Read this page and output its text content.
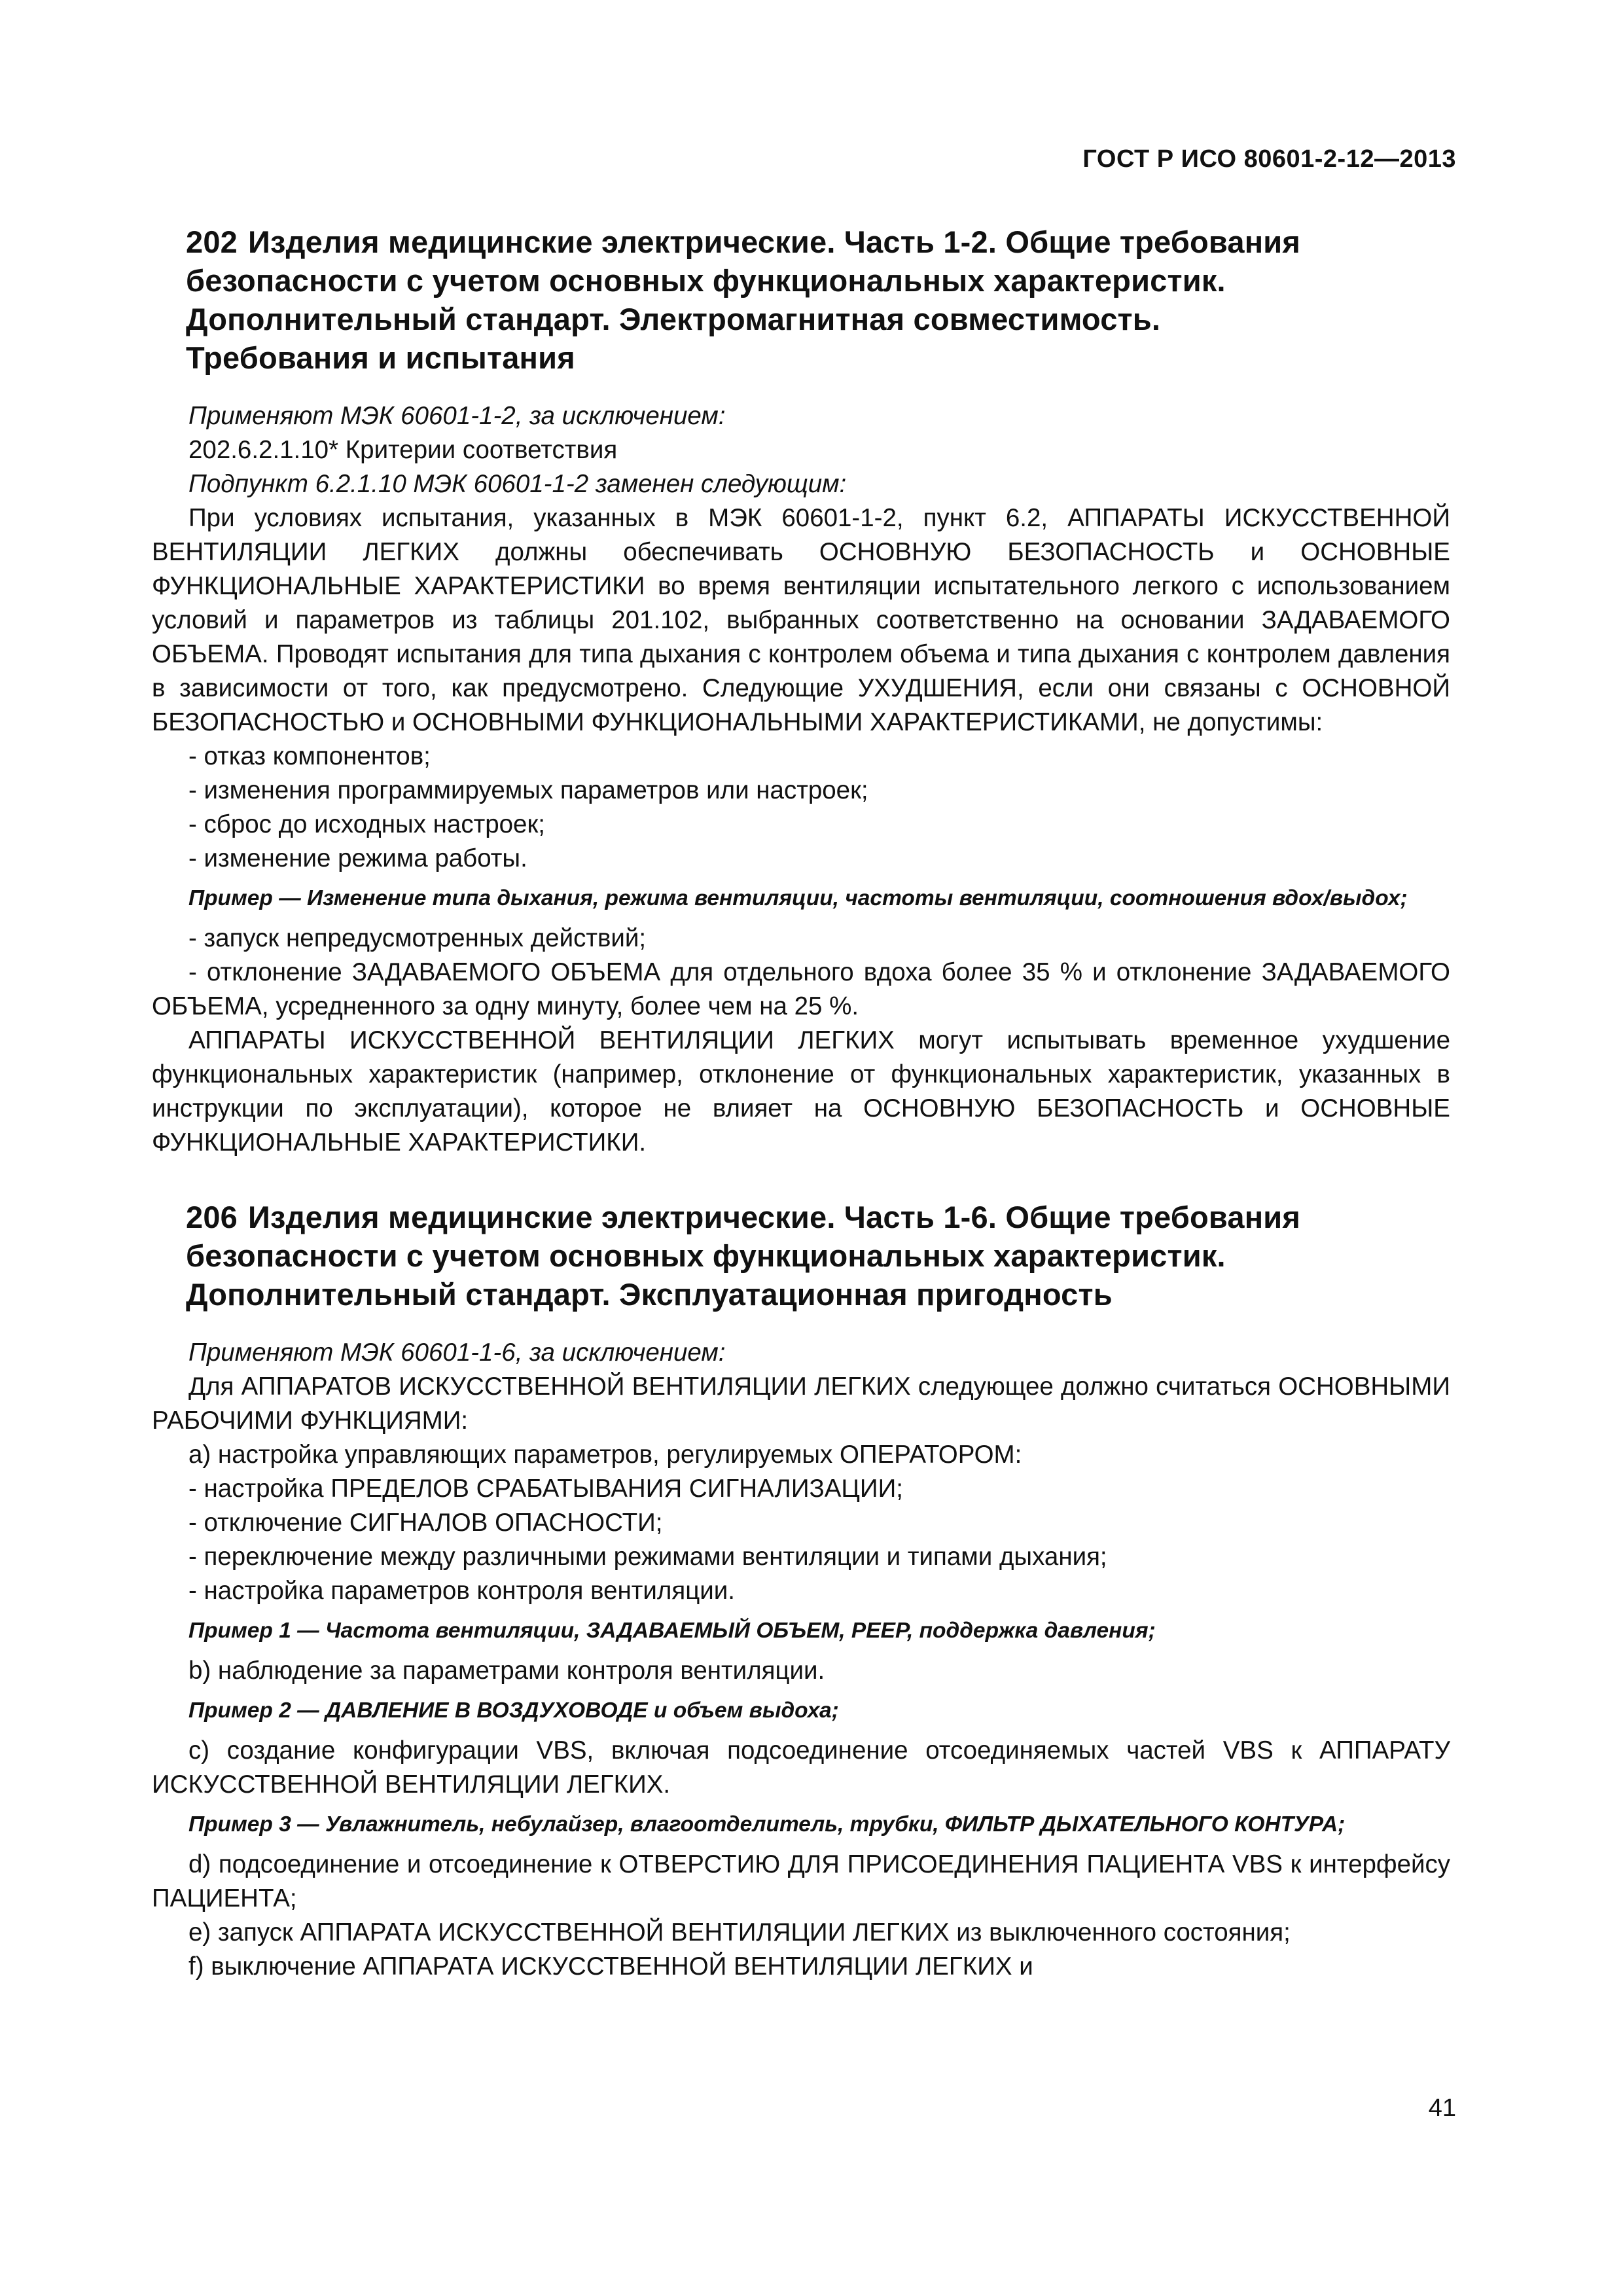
ГОСТ Р ИСО 80601-2-12—2013
202 Изделия медицинские электрические. Часть 1-2. Общие требования
безопасности с учетом основных функциональных характеристик.
Дополнительный стандарт. Электромагнитная совместимость.
Требования и испытания

Применяют МЭК 60601-1-2, за исключением:

202.6.2.1.10* Критерии соответствия

Подпункт 6.2.1.10 МЭК 60601-1-2 заменен следующим:

При условиях испытания, указанных в МЭК 60601-1-2, пункт 6.2, АППАРАТЫ ИСКУССТВЕННОЙ ВЕНТИЛЯЦИИ ЛЕГКИХ должны обеспечивать ОСНОВНУЮ БЕЗОПАСНОСТЬ и ОСНОВНЫЕ ФУНКЦИОНАЛЬНЫЕ ХАРАКТЕРИСТИКИ во время вентиляции испытательного легкого с использованием условий и параметров из таблицы 201.102, выбранных соответственно на основании ЗАДАВАЕМОГО ОБЪЕМА. Проводят испытания для типа дыхания с контролем объема и типа дыхания с контролем давления в зависимости от того, как предусмотрено. Следующие УХУДШЕНИЯ, если они связаны с ОСНОВНОЙ БЕЗОПАСНОСТЬЮ и ОСНОВНЫМИ ФУНКЦИОНАЛЬНЫМИ ХАРАКТЕРИСТИКАМИ, не допустимы:

- отказ компонентов;

- изменения программируемых параметров или настроек;

- сброс до исходных настроек;

- изменение режима работы.

Пример — Изменение типа дыхания, режима вентиляции, частоты вентиляции, соотношения вдох/выдох;

- запуск непредусмотренных действий;

- отклонение ЗАДАВАЕМОГО ОБЪЕМА для отдельного вдоха более 35 % и отклонение ЗАДАВАЕМОГО ОБЪЕМА, усредненного за одну минуту, более чем на 25 %.

АППАРАТЫ ИСКУССТВЕННОЙ ВЕНТИЛЯЦИИ ЛЕГКИХ могут испытывать временное ухудшение функциональных характеристик (например, отклонение от функциональных характеристик, указанных в инструкции по эксплуатации), которое не влияет на ОСНОВНУЮ БЕЗОПАСНОСТЬ и ОСНОВНЫЕ ФУНКЦИОНАЛЬНЫЕ ХАРАКТЕРИСТИКИ.

206 Изделия медицинские электрические. Часть 1-6. Общие требования
безопасности с учетом основных функциональных характеристик.
Дополнительный стандарт. Эксплуатационная пригодность

Применяют МЭК 60601-1-6, за исключением:

Для АППАРАТОВ ИСКУССТВЕННОЙ ВЕНТИЛЯЦИИ ЛЕГКИХ следующее должно считаться ОСНОВНЫМИ РАБОЧИМИ ФУНКЦИЯМИ:

a) настройка управляющих параметров, регулируемых ОПЕРАТОРОМ:

- настройка ПРЕДЕЛОВ СРАБАТЫВАНИЯ СИГНАЛИЗАЦИИ;

- отключение СИГНАЛОВ ОПАСНОСТИ;

- переключение между различными режимами вентиляции и типами дыхания;

- настройка параметров контроля вентиляции.

Пример 1 — Частота вентиляции, ЗАДАВАЕМЫЙ ОБЪЕМ, PEEP, поддержка давления;

b) наблюдение за параметрами контроля вентиляции.

Пример 2 — ДАВЛЕНИЕ В ВОЗДУХОВОДЕ и объем выдоха;

c) создание конфигурации VBS, включая подсоединение отсоединяемых частей VBS к АППАРАТУ ИСКУССТВЕННОЙ ВЕНТИЛЯЦИИ ЛЕГКИХ.

Пример 3 — Увлажнитель, небулайзер, влагоотделитель, трубки, ФИЛЬТР ДЫХАТЕЛЬНОГО КОНТУРА;

d) подсоединение и отсоединение к ОТВЕРСТИЮ ДЛЯ ПРИСОЕДИНЕНИЯ ПАЦИЕНТА VBS к интерфейсу ПАЦИЕНТА;

e) запуск АППАРАТА ИСКУССТВЕННОЙ ВЕНТИЛЯЦИИ ЛЕГКИХ из выключенного состояния;

f) выключение АППАРАТА ИСКУССТВЕННОЙ ВЕНТИЛЯЦИИ ЛЕГКИХ и

41
